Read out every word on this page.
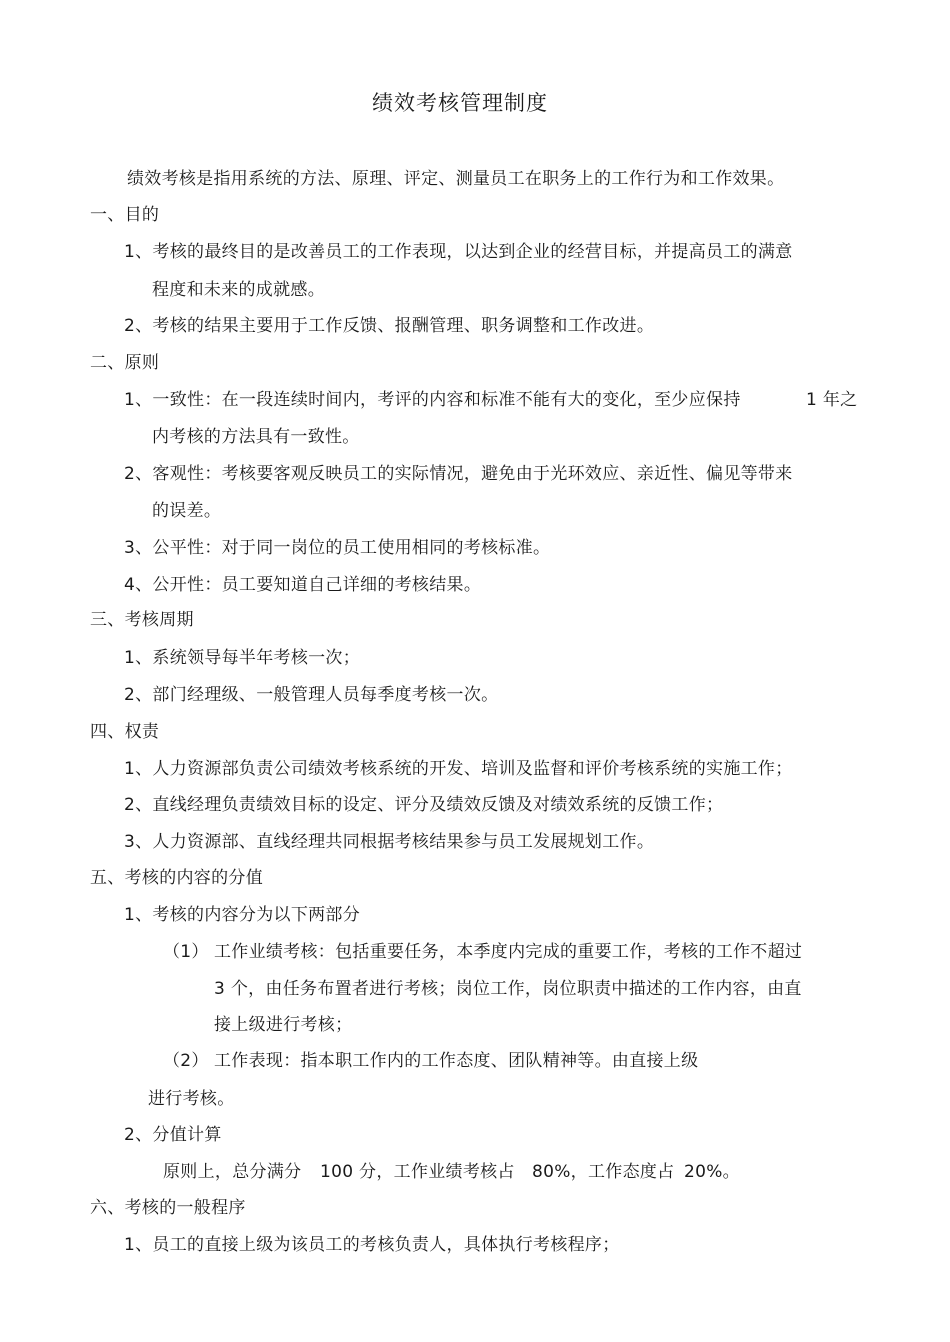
绩效考核管理制度
绩效考核是指用系统的方法、原理、评定、测量员工在职务上的工作行为和工作效果。
一、目的
1、考核的最终目的是改善员工的工作表现，以达到企业的经营目标，并提高员工的满意
程度和未来的成就感。
2、考核的结果主要用于工作反馈、报酬管理、职务调整和工作改进。
二、原则
1、一致性：在一段连续时间内，考评的内容和标准不能有大的变化，至少应保持	1 年之
内考核的方法具有一致性。
2、客观性：考核要客观反映员工的实际情况，避免由于光环效应、亲近性、偏见等带来
的误差。
3、公平性：对于同一岗位的员工使用相同的考核标准。
4、公开性：员工要知道自己详细的考核结果。
三、考核周期
1、系统领导每半年考核一次；
2、部门经理级、一般管理人员每季度考核一次。
四、权责
1、人力资源部负责公司绩效考核系统的开发、培训及监督和评价考核系统的实施工作；
2、直线经理负责绩效目标的设定、评分及绩效反馈及对绩效系统的反馈工作；
3、人力资源部、直线经理共同根据考核结果参与员工发展规划工作。
五、考核的内容的分值
1、考核的内容分为以下两部分
（1） 工作业绩考核：包括重要任务，本季度内完成的重要工作，考核的工作不超过
3 个，由任务布置者进行考核；岗位工作，岗位职责中描述的工作内容，由直
接上级进行考核；
（2） 工作表现：指本职工作内的工作态度、团队精神等。由直接上级
进行考核。
2、分值计算
原则上，总分满分 100 分，工作业绩考核占 80%，工作态度占 20%。
六、考核的一般程序
1、员工的直接上级为该员工的考核负责人，具体执行考核程序；
